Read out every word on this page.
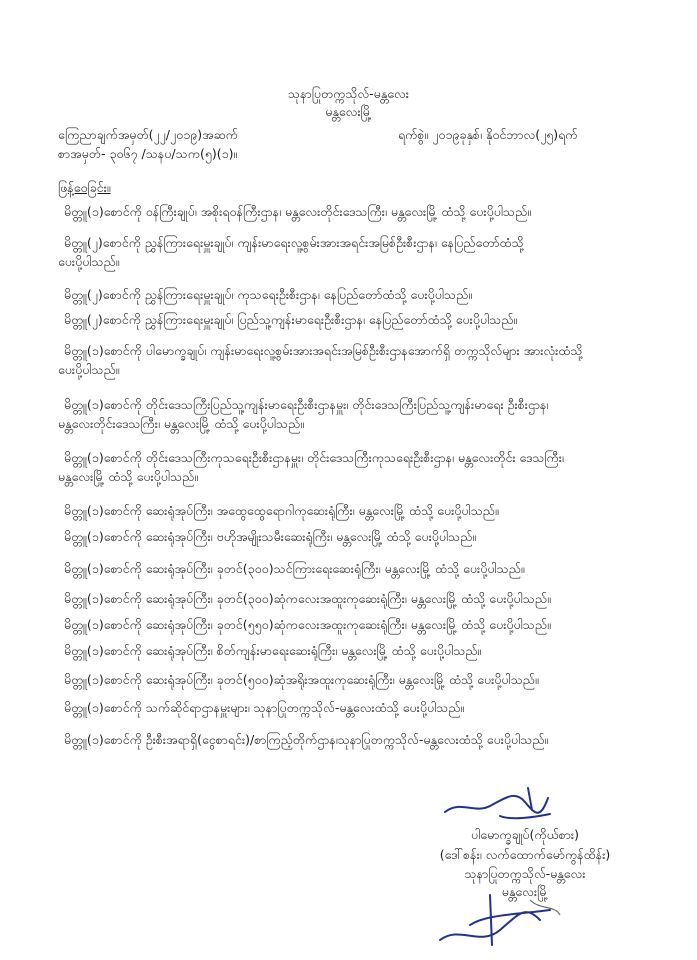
သုနာပြုတက္ကသိုလ်-မန္တလေး
မန္တလေးမြို့
ကြေညာချက်အမှတ်(၂၂/၂၀၁၉)အဆက်
စာအမှတ်- ၃၀၆၇ /သနပ/သက(၅)(၁)။
ရက်စွဲ။ ၂၀၁၉ခုနှစ်၊ နိုဝင်ဘာလ(၂၅)ရက်
ဖြန့်ဝေခြင်း။
မိတ္တူ(၁)စောင်ကို ဝန်ကြီးချုပ်၊ အစိုးရဝန်ကြီးဌာန၊ မန္တလေးတိုင်းဒေသကြီး၊ မန္တလေးမြို့ ထံသို့ ပေးပို့ပါသည်။
မိတ္တူ(၂)စောင်ကို ညွှန်ကြားရေးမှူးချုပ်၊ ကျန်းမာရေးလူ့စွမ်းအားအရင်းအမြစ်ဦးစီးဌာန၊ နေပြည်တော်ထံသို့
ပေးပို့ပါသည်။
မိတ္တူ(၂)စောင်ကို ညွှန်ကြားရေးမှူးချုပ်၊ ကုသရေးဦးစီးဌာန၊ နေပြည်တော်ထံသို့ ပေးပို့ပါသည်။
မိတ္တူ(၂)စောင်ကို ညွှန်ကြားရေးမှူးချုပ်၊ ပြည်သူ့ကျန်းမာရေးဦးစီးဌာန၊ နေပြည်တော်ထံသို့ ပေးပို့ပါသည်။
မိတ္တူ(၁)စောင်ကို ပါမောက္ခချုပ်၊ ကျန်းမာရေးလူ့စွမ်းအားအရင်းအမြစ်ဦးစီးဌာနအောက်ရှိ တက္ကသိုလ်များ အားလုံးထံသို့
ပေးပို့ပါသည်။
မိတ္တူ(၁)စောင်ကို တိုင်းဒေသကြီးပြည်သူ့ကျန်းမာရေးဦးစီးဌာနမှူး၊ တိုင်းဒေသကြီးပြည်သူ့ကျန်းမာရေး ဦးစီးဌာန၊
မန္တလေးတိုင်းဒေသကြီး၊ မန္တလေးမြို့ ထံသို့ ပေးပို့ပါသည်။
မိတ္တူ(၁)စောင်ကို တိုင်းဒေသကြီးကုသရေးဦးစီးဌာနမှူး၊ တိုင်းဒေသကြီးကုသရေးဦးစီးဌာန၊ မန္တလေးတိုင်း ဒေသကြီး၊
မန္တလေးမြို့ ထံသို့ ပေးပို့ပါသည်။
မိတ္တူ(၁)စောင်ကို ဆေးရုံအုပ်ကြီး၊ အထွေထွေရောဂါကုဆေးရုံကြီး၊ မန္တလေးမြို့ ထံသို့ ပေးပို့ပါသည်။
မိတ္တူ(၁)စောင်ကို ဆေးရုံအုပ်ကြီး၊ ဗဟိုအမျိုးသမီးဆေးရုံကြီး၊ မန္တလေးမြို့ ထံသို့ ပေးပို့ပါသည်။
မိတ္တူ(၁)စောင်ကို ဆေးရုံအုပ်ကြီး၊ ခုတင်(၃၀၀)သင်ကြားရေးဆေးရုံကြီး၊ မန္တလေးမြို့ ထံသို့ ပေးပို့ပါသည်။
မိတ္တူ(၁)စောင်ကို ဆေးရုံအုပ်ကြီး၊ ခုတင်(၃၀၀)ဆုံကလေးအထူးကုဆေးရုံကြီး၊ မန္တလေးမြို့ ထံသို့ ပေးပို့ပါသည်။
မိတ္တူ(၁)စောင်ကို ဆေးရုံအုပ်ကြီး၊ ခုတင်(၅၅၀)ဆုံကလေးအထူးကုဆေးရုံကြီး၊ မန္တလေးမြို့ ထံသို့ ပေးပို့ပါသည်။
မိတ္တူ(၁)စောင်ကို ဆေးရုံအုပ်ကြီး၊ စိတ်ကျန်းမာရေးဆေးရုံကြီး၊ မန္တလေးမြို့ ထံသို့ ပေးပို့ပါသည်။
မိတ္တူ(၁)စောင်ကို ဆေးရုံအုပ်ကြီး၊ ခုတင်(၅၀၀)ဆုံအရိုးအထူးကုဆေးရုံကြီး၊ မန္တလေးမြို့ ထံသို့ ပေးပို့ပါသည်။
မိတ္တူ(၁)စောင်ကို သက်ဆိုင်ရာဌာနမှူးများ၊ သုနာပြုတက္ကသိုလ်-မန္တလေးထံသို့ ပေးပို့ပါသည်။
မိတ္တူ(၁)စောင်ကို ဦးစီးအရာရှိ(ငွေစာရင်း)/စာကြည့်တိုက်ဌာန၊သုနာပြုတက္ကသိုလ်-မန္တလေးထံသို့ ပေးပို့ပါသည်။
ပါမောက္ခချုပ်(ကိုယ်စား)
(ဒေါ်စန်း၊ လက်ထောက်မော်ကွန်ထိန်း)
သုနာပြုတက္ကသိုလ်-မန္တလေး
မန္တလေးမြို့
